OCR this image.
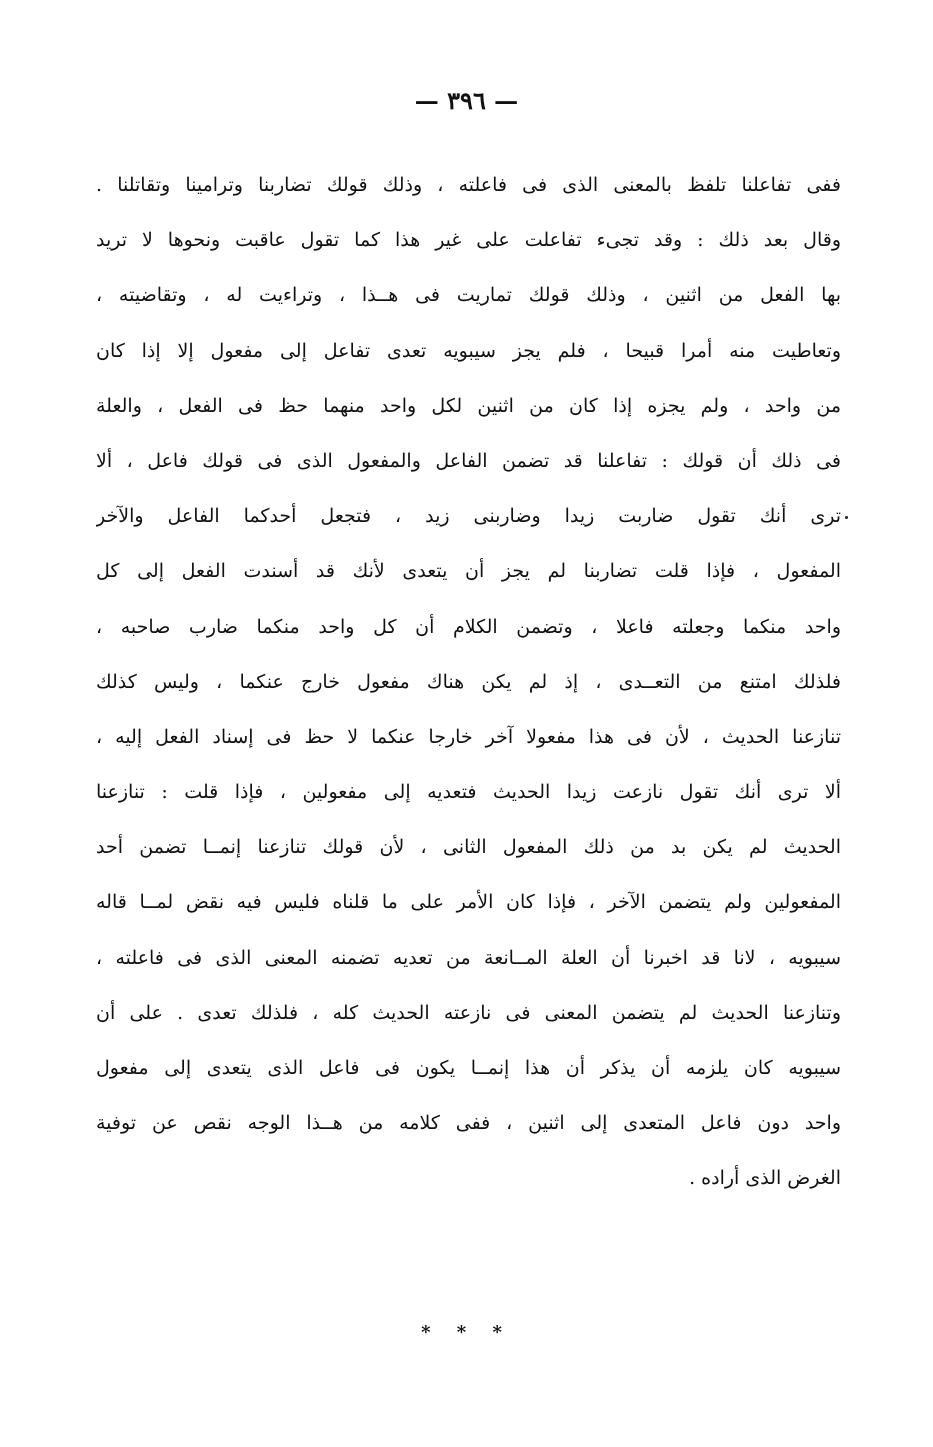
— ٣٩٦ —
ففى تفاعلنا تلفظ بالمعنى الذى فى فاعلته ، وذلك قولك تضاربنا وترامينا وتقاتلنا .
وقال بعد ذلك : وقد تجىء تفاعلت على غير هذا كما تقول عاقبت ونحوها لا تريد
بها الفعل من اثنين ، وذلك قولك تماريت فى هــذا ، وتراءيت له ، وتقاضيته ،
وتعاطيت منه أمرا قبيحا ، فلم يجز سيبويه تعدى تفاعل إلى مفعول إلا إذا كان
من واحد ، ولم يجزه إذا كان من اثنين لكل واحد منهما حظ فى الفعل ، والعلة
فى ذلك أن قولك : تفاعلنا قد تضمن الفاعل والمفعول الذى فى قولك فاعل ، ألا
ترى أنك تقول ضاربت زيدا وضاربنى زيد ، فتجعل أحدكما الفاعل والآخر
المفعول ، فإذا قلت تضاربنا لم يجز أن يتعدى لأنك قد أسندت الفعل إلى كل
واحد منكما وجعلته فاعلا ، وتضمن الكلام أن كل واحد منكما ضارب صاحبه ،
فلذلك امتنع من التعــدى ، إذ لم يكن هناك مفعول خارج عنكما ، وليس كذلك
تنازعنا الحديث ، لأن فى هذا مفعولا آخر خارجا عنكما لا حظ فى إسناد الفعل إليه ،
ألا ترى أنك تقول نازعت زيدا الحديث فتعديه إلى مفعولين ، فإذا قلت : تنازعنا
الحديث لم يكن بد من ذلك المفعول الثانى ، لأن قولك تنازعنا إنمــا تضمن أحد
المفعولين ولم يتضمن الآخر ، فإذا كان الأمر على ما قلناه فليس فيه نقض لمــا قاله
سيبويه ، لانا قد اخبرنا أن العلة المــانعة من تعديه تضمنه المعنى الذى فى فاعلته ،
وتنازعنا الحديث لم يتضمن المعنى فى نازعته الحديث كله ، فلذلك تعدى . على أن
سيبويه كان يلزمه أن يذكر أن هذا إنمــا يكون فى فاعل الذى يتعدى إلى مفعول
واحد دون فاعل المتعدى إلى اثنين ، ففى كلامه من هــذا الوجه نقص عن توفية
الغرض الذى أراده .
* * *
